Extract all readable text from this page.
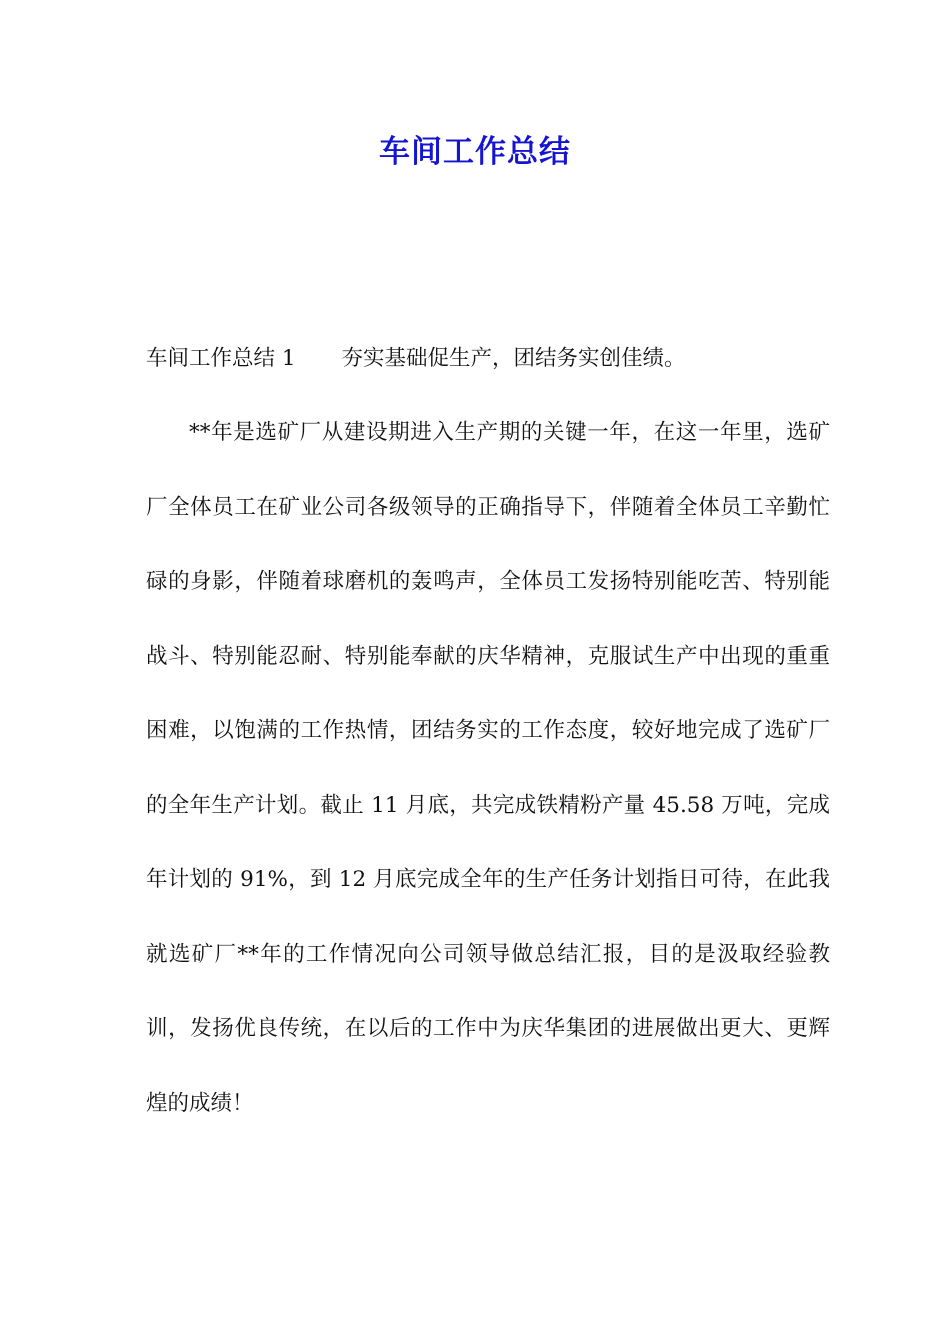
车间工作总结
车间工作总结 1 夯实基础促生产，团结务实创佳绩。

**年是选矿厂从建设期进入生产期的关键一年，在这一年里，选矿厂全体员工在矿业公司各级领导的正确指导下，伴随着全体员工辛勤忙碌的身影，伴随着球磨机的轰鸣声，全体员工发扬特别能吃苦、特别能战斗、特别能忍耐、特别能奉献的庆华精神，克服试生产中出现的重重困难，以饱满的工作热情，团结务实的工作态度，较好地完成了选矿厂的全年生产计划。截止 11 月底，共完成铁精粉产量 45.58 万吨，完成年计划的 91%，到 12 月底完成全年的生产任务计划指日可待，在此我就选矿厂**年的工作情况向公司领导做总结汇报，目的是汲取经验教训，发扬优良传统，在以后的工作中为庆华集团的进展做出更大、更辉煌的成绩！
